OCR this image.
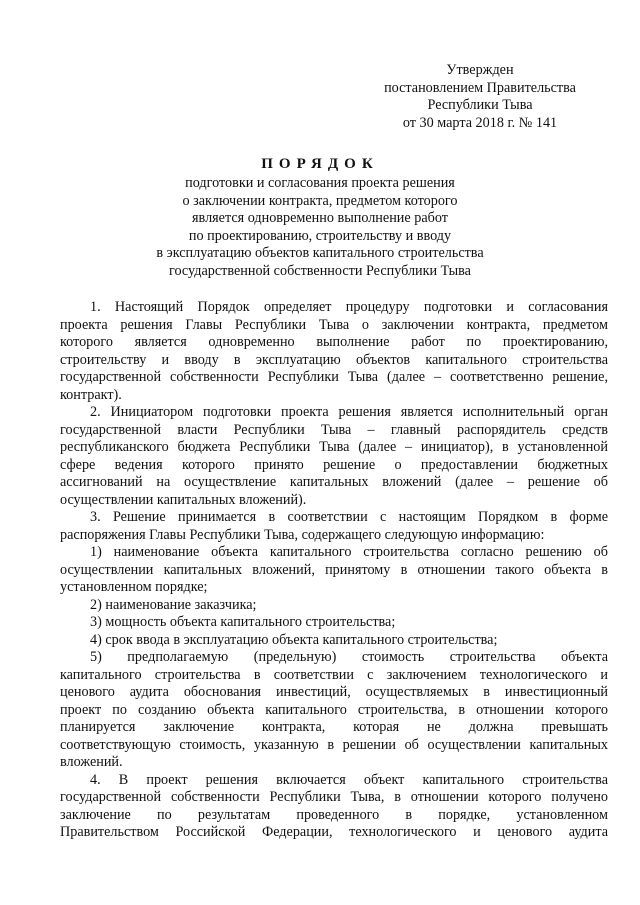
Утвержден
постановлением Правительства
Республики Тыва
от 30 марта 2018 г. № 141
ПОРЯДОК
подготовки и согласования проекта решения
о заключении контракта, предметом которого
является одновременно выполнение работ
по проектированию, строительству и вводу
в эксплуатацию объектов капитального строительства
государственной собственности Республики Тыва
1. Настоящий Порядок определяет процедуру подготовки и согласования
проекта решения Главы Республики Тыва о заключении контракта, предметом
которого является одновременно выполнение работ по проектированию,
строительству и вводу в эксплуатацию объектов капитального строительства
государственной собственности Республики Тыва (далее – соответственно решение,
контракт).
2. Инициатором подготовки проекта решения является исполнительный орган
государственной власти Республики Тыва – главный распорядитель средств
республиканского бюджета Республики Тыва (далее – инициатор), в установленной
сфере ведения которого принято решение о предоставлении бюджетных
ассигнований на осуществление капитальных вложений (далее – решение об
осуществлении капитальных вложений).
3. Решение принимается в соответствии с настоящим Порядком в форме
распоряжения Главы Республики Тыва, содержащего следующую информацию:
1) наименование объекта капитального строительства согласно решению об
осуществлении капитальных вложений, принятому в отношении такого объекта в
установленном порядке;
2) наименование заказчика;
3) мощность объекта капитального строительства;
4) срок ввода в эксплуатацию объекта капитального строительства;
5) предполагаемую (предельную) стоимость строительства объекта
капитального строительства в соответствии с заключением технологического и
ценового аудита обоснования инвестиций, осуществляемых в инвестиционный
проект по созданию объекта капитального строительства, в отношении которого
планируется заключение контракта, которая не должна превышать
соответствующую стоимость, указанную в решении об осуществлении капитальных
вложений.
4. В проект решения включается объект капитального строительства
государственной собственности Республики Тыва, в отношении которого получено
заключение по результатам проведенного в порядке, установленном
Правительством Российской Федерации, технологического и ценового аудита
